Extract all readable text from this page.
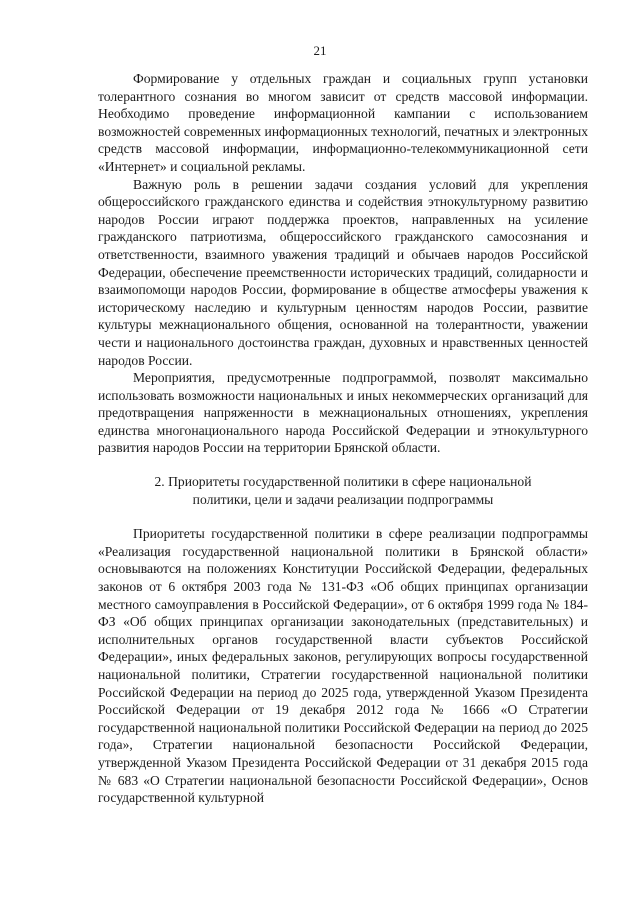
21

Формирование у отдельных граждан и социальных групп установки толерантного сознания во многом зависит от средств массовой информации. Необходимо проведение информационной кампании с использованием возможностей современных информационных технологий, печатных и электронных средств массовой информации, информационно-телекоммуникационной сети «Интернет» и социальной рекламы.

Важную роль в решении задачи создания условий для укрепления общероссийского гражданского единства и содействия этнокультурному развитию народов России играют поддержка проектов, направленных на усиление гражданского патриотизма, общероссийского гражданского самосознания и ответственности, взаимного уважения традиций и обычаев народов Российской Федерации, обеспечение преемственности исторических традиций, солидарности и взаимопомощи народов России, формирование в обществе атмосферы уважения к историческому наследию и культурным ценностям народов России, развитие культуры межнационального общения, основанной на толерантности, уважении чести и национального достоинства граждан, духовных и нравственных ценностей народов России.

Мероприятия, предусмотренные подпрограммой, позволят максимально использовать возможности национальных и иных некоммерческих организаций для предотвращения напряженности в межнациональных отношениях, укрепления единства многонационального народа Российской Федерации и этнокультурного развития народов России на территории Брянской области.

2. Приоритеты государственной политики в сфере национальной
политики, цели и задачи реализации подпрограммы

Приоритеты государственной политики в сфере реализации подпрограммы «Реализация государственной национальной политики в Брянской области» основываются на положениях Конституции Российской Федерации, федеральных законов от 6 октября 2003 года № 131-ФЗ «Об общих принципах организации местного самоуправления в Российской Федерации», от 6 октября 1999 года № 184-ФЗ «Об общих принципах организации законодательных (представительных) и исполнительных органов государственной власти субъектов Российской Федерации», иных федеральных законов, регулирующих вопросы государственной национальной политики, Стратегии государственной национальной политики Российской Федерации на период до 2025 года, утвержденной Указом Президента Российской Федерации от 19 декабря 2012 года № 1666 «О Стратегии государственной национальной политики Российской Федерации на период до 2025 года», Стратегии национальной безопасности Российской Федерации, утвержденной Указом Президента Российской Федерации от 31 декабря 2015 года № 683 «О Стратегии национальной безопасности Российской Федерации», Основ государственной культурной
